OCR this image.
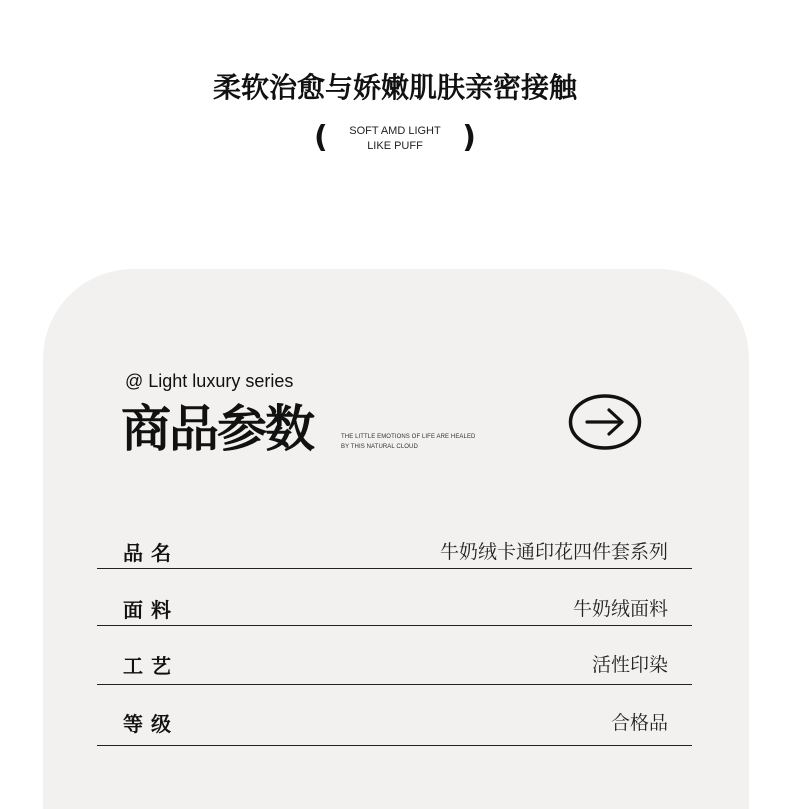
柔软治愈与娇嫩肌肤亲密接触
(	SOFT AMD LIGHT
LIKE PUFF	)
@ Light luxury series
商品参数	THE LITTLE EMOTIONS OF LIFE ARE HEALED
BY THIS NATURAL CLOUD
品名	牛奶绒卡通印花四件套系列
面料	牛奶绒面料
工艺	活性印染
等级	合格品
